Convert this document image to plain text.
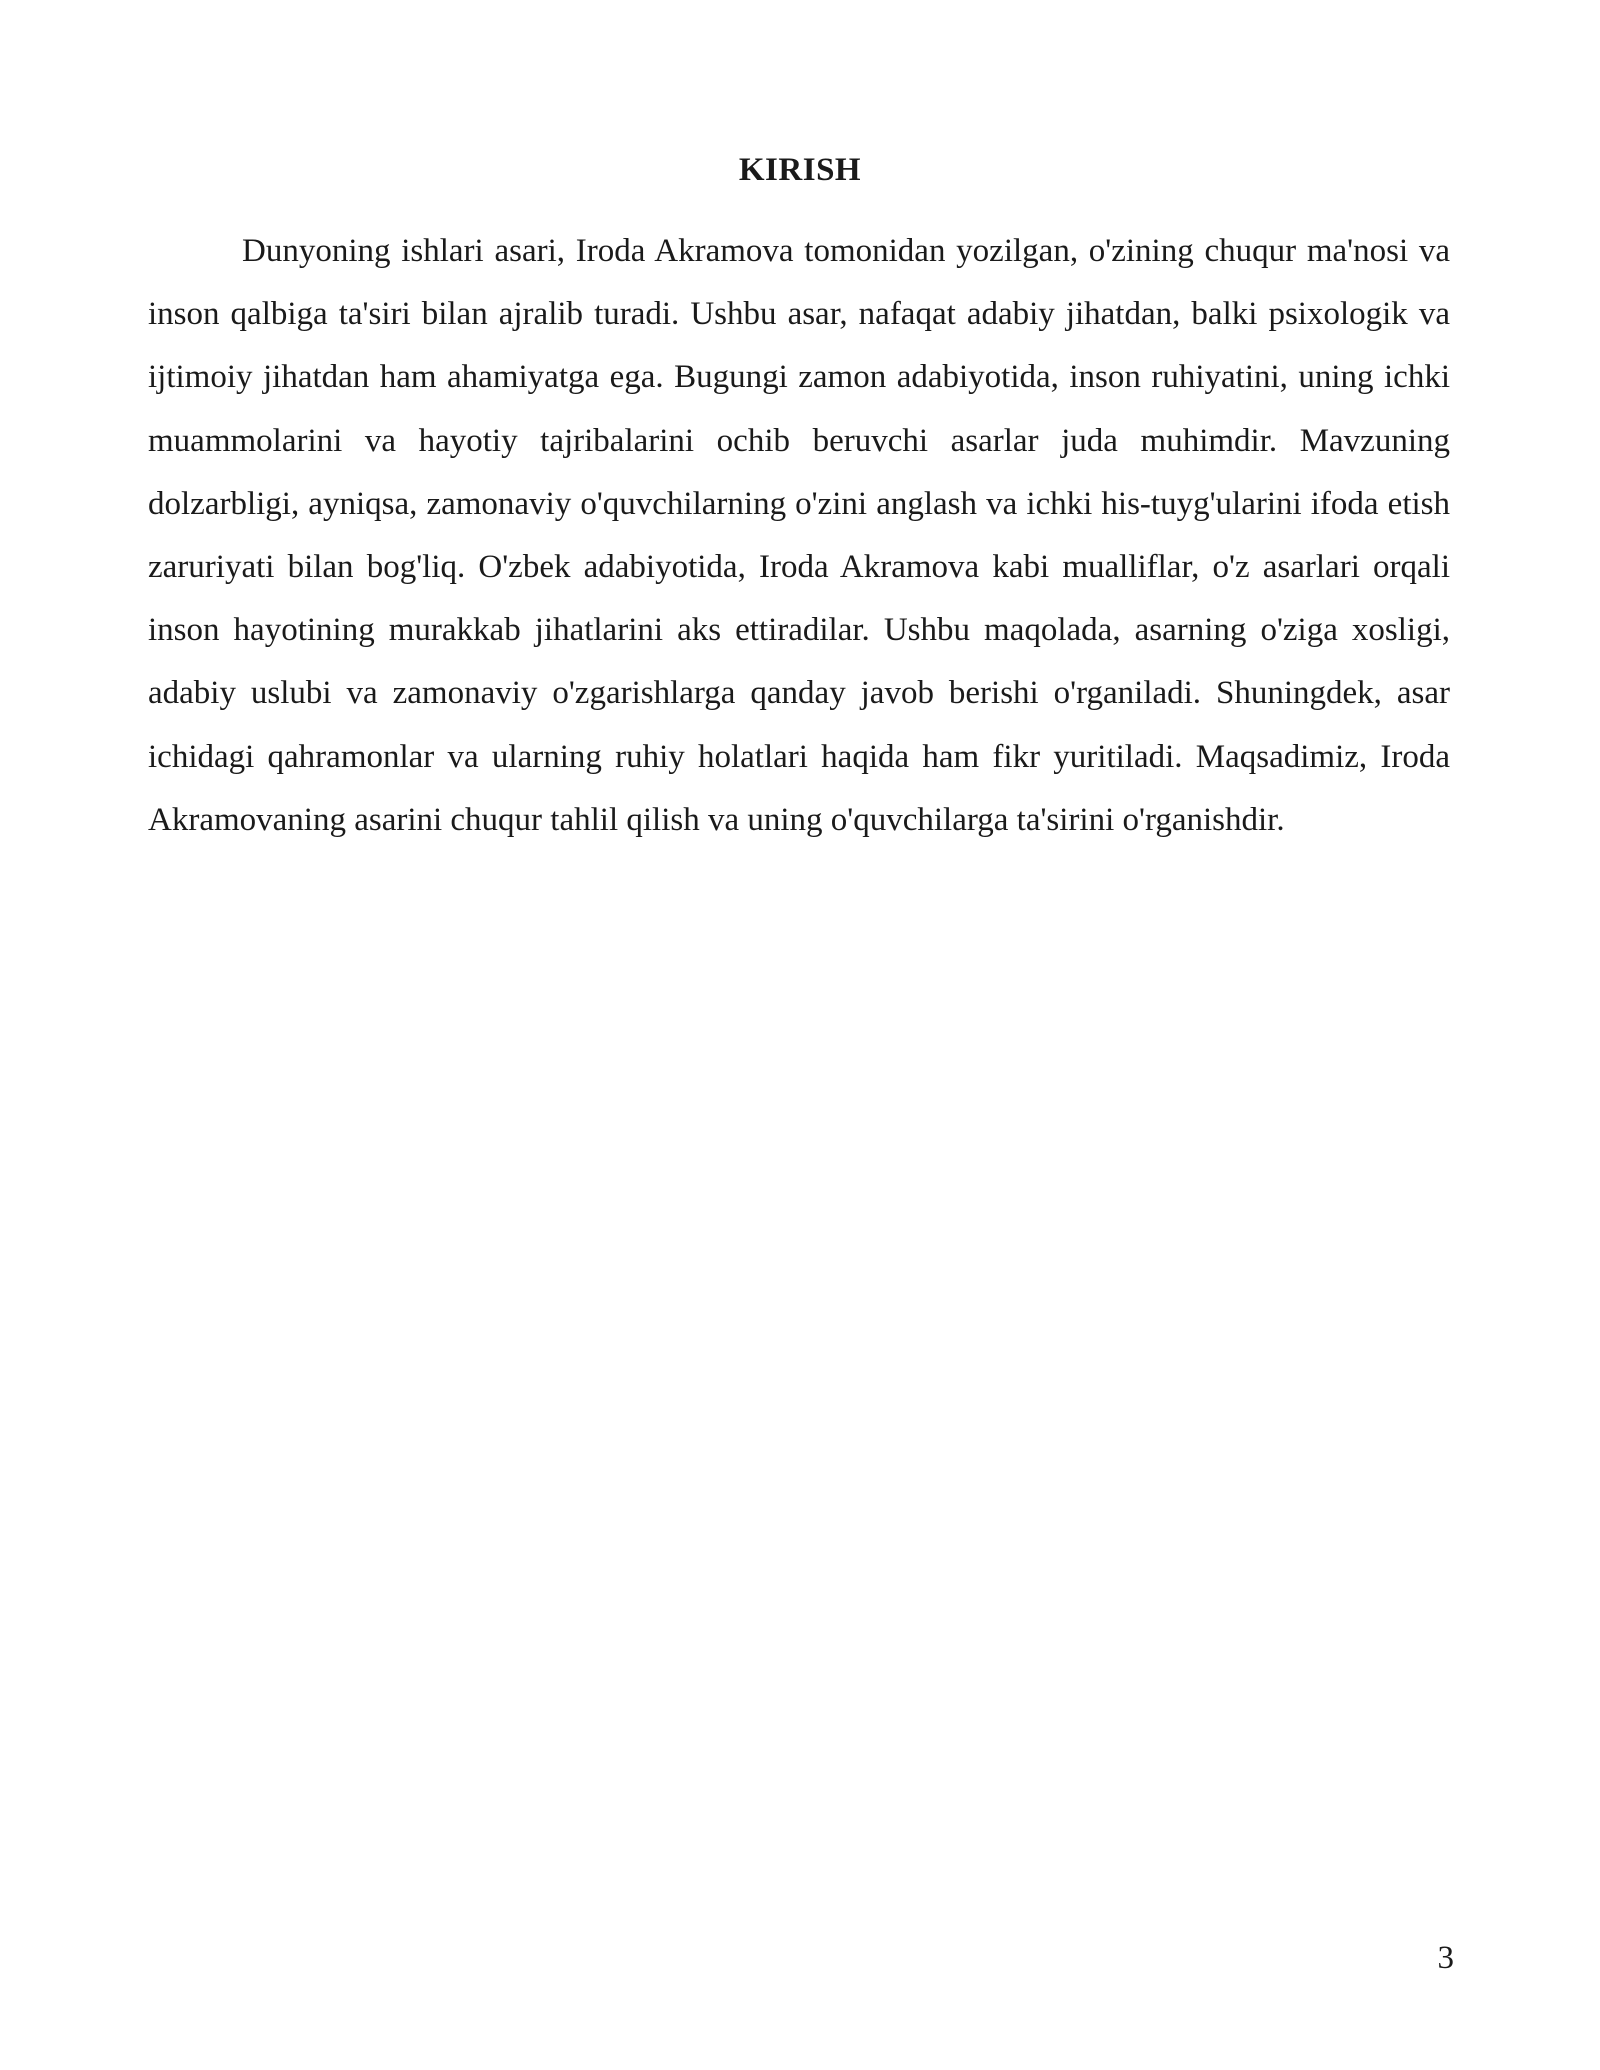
KIRISH

Dunyoning ishlari asari, Iroda Akramova tomonidan yozilgan, o'zining chuqur ma'nosi va inson qalbiga ta'siri bilan ajralib turadi. Ushbu asar, nafaqat adabiy jihatdan, balki psixologik va ijtimoiy jihatdan ham ahamiyatga ega. Bugungi zamon adabiyotida, inson ruhiyatini, uning ichki muammolarini va hayotiy tajribalarini ochib beruvchi asarlar juda muhimdir. Mavzuning dolzarbligi, ayniqsa, zamonaviy o'quvchilarning o'zini anglash va ichki his-tuyg'ularini ifoda etish zaruriyati bilan bog'liq. O'zbek adabiyotida, Iroda Akramova kabi mualliflar, o'z asarlari orqali inson hayotining murakkab jihatlarini aks ettiradilar. Ushbu maqolada, asarning o'ziga xosligi, adabiy uslubi va zamonaviy o'zgarishlarga qanday javob berishi o'rganiladi. Shuningdek, asar ichidagi qahramonlar va ularning ruhiy holatlari haqida ham fikr yuritiladi. Maqsadimiz, Iroda Akramovaning asarini chuqur tahlil qilish va uning o'quvchilarga ta'sirini o'rganishdir.

3
